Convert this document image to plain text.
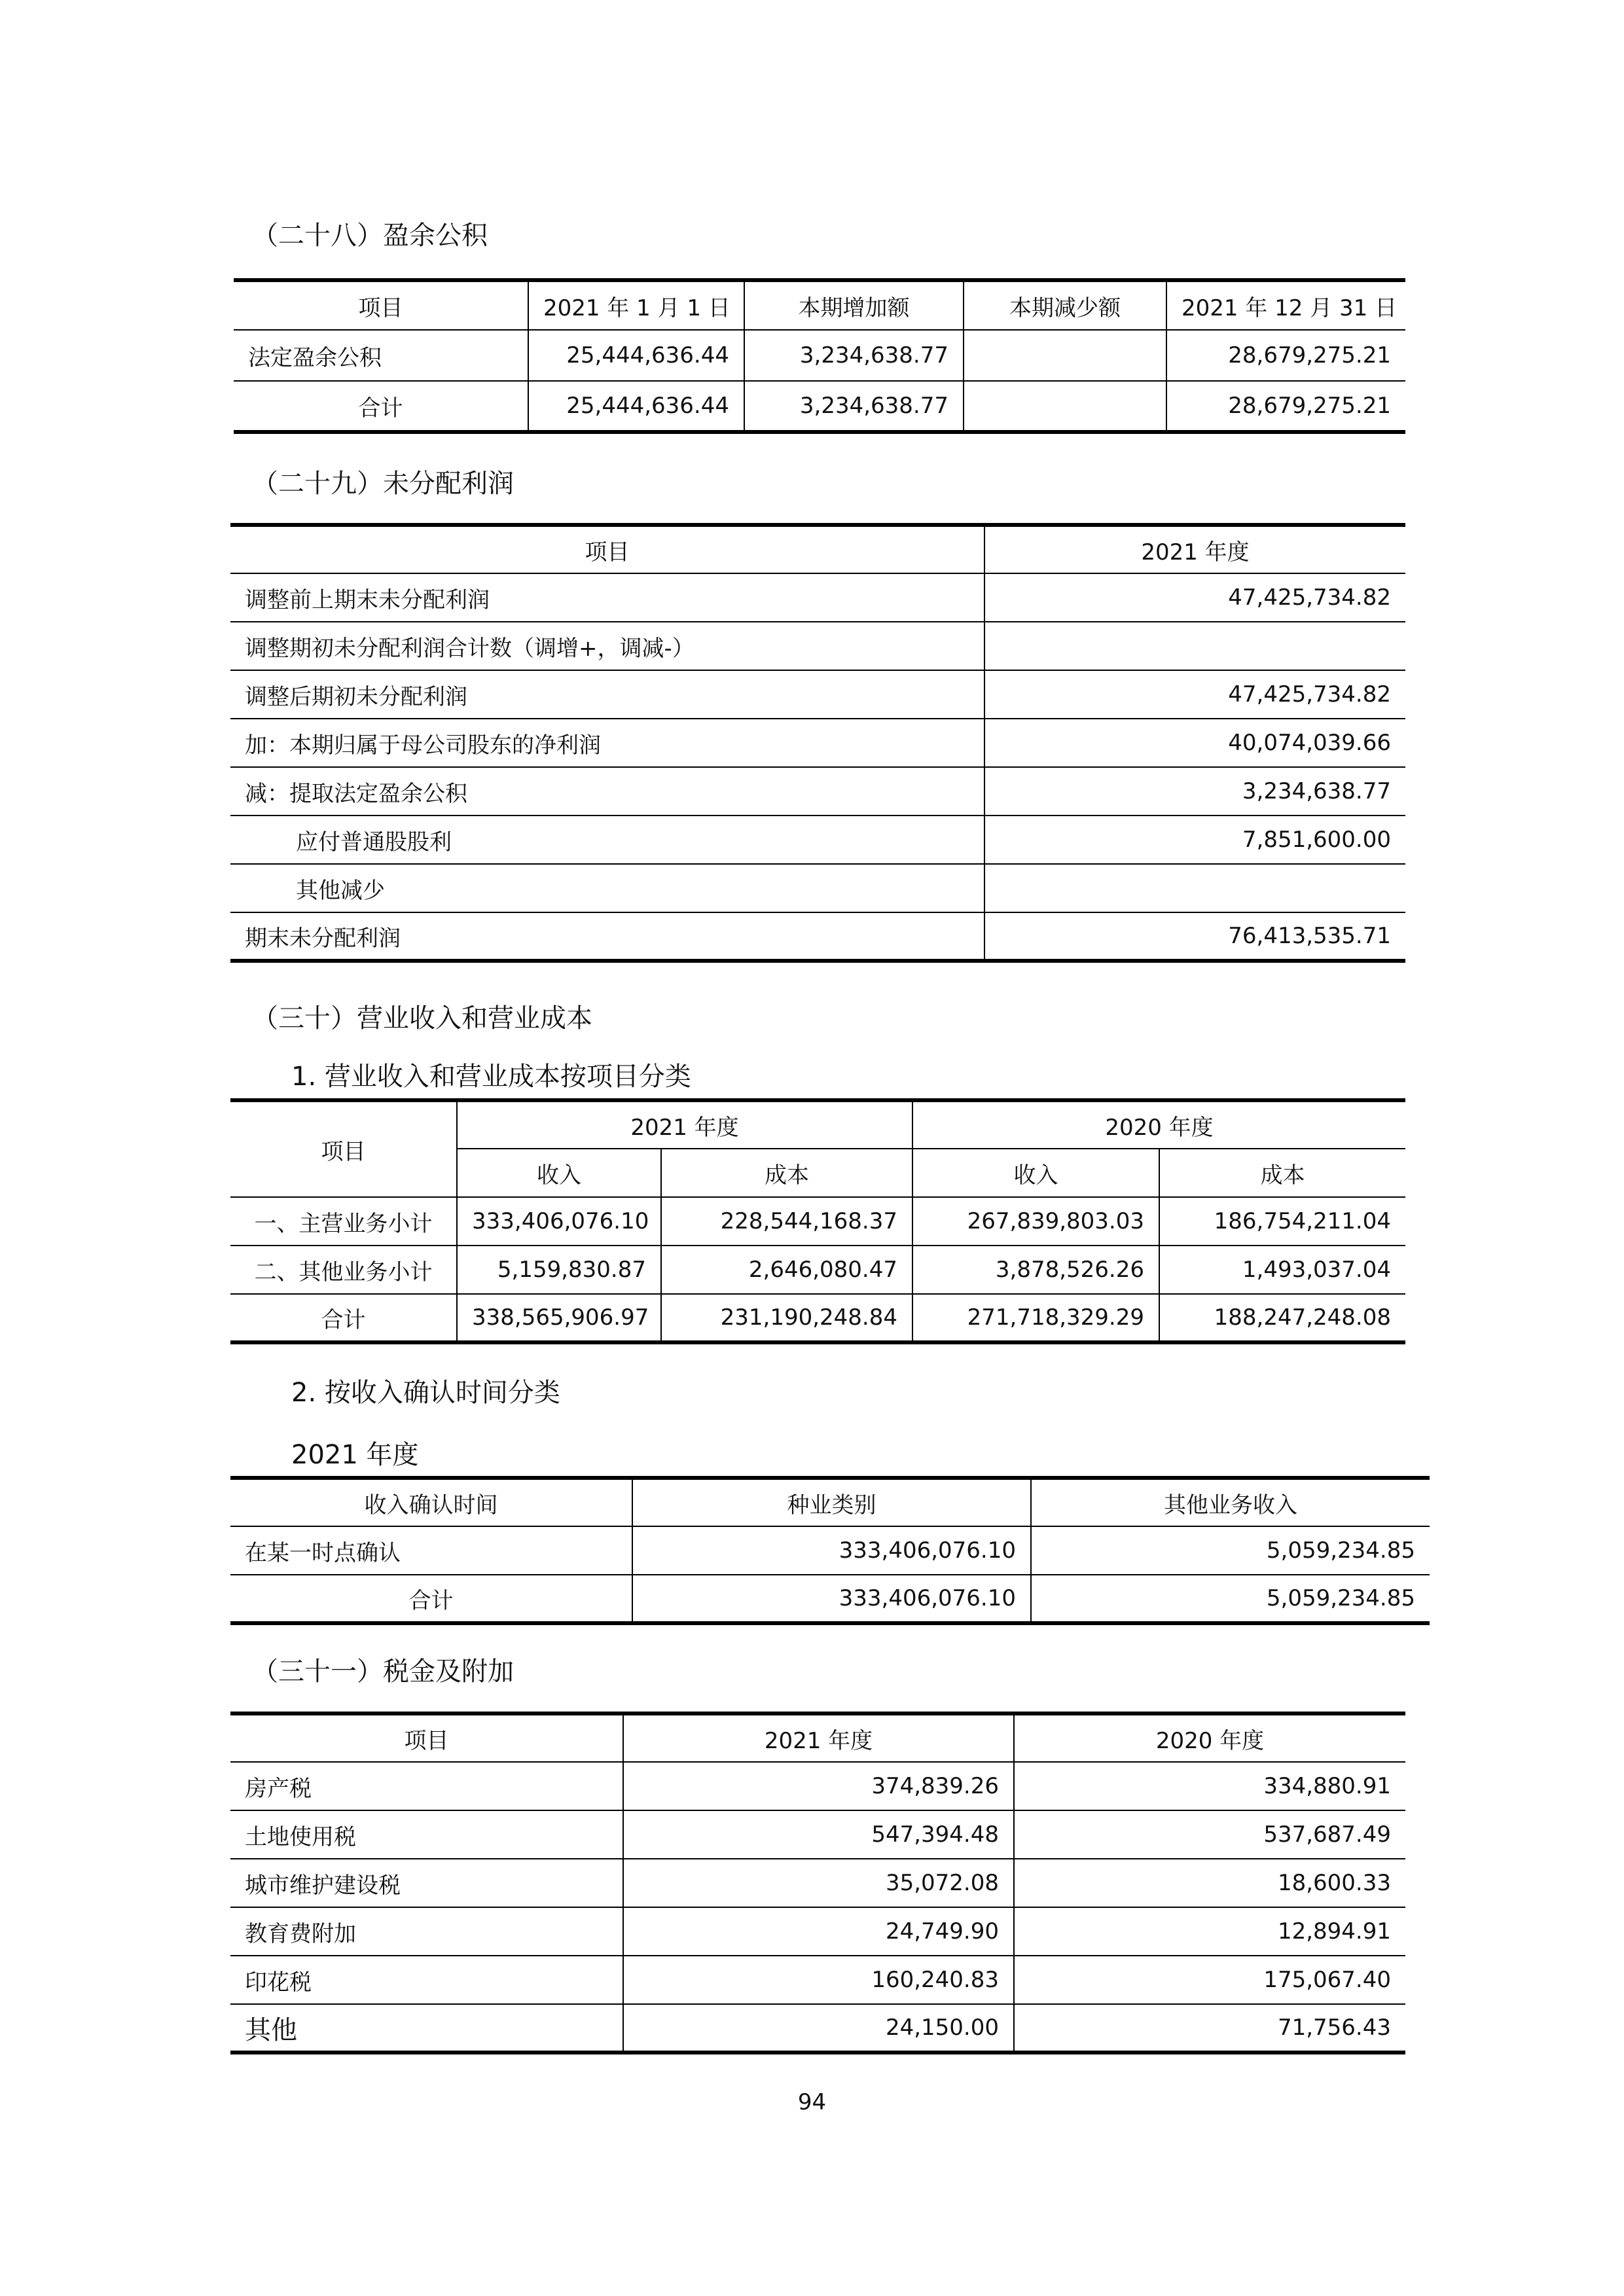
（二十八）盈余公积
项目	2021 年 1 月 1 日	本期增加额	本期减少额	2021 年 12 月 31 日
法定盈余公积	25,444,636.44	3,234,638.77		28,679,275.21
合计	25,444,636.44	3,234,638.77		28,679,275.21
（二十九）未分配利润
项目	2021 年度
调整前上期末未分配利润	47,425,734.82
调整期初未分配利润合计数（调增+，调减-）	
调整后期初未分配利润	47,425,734.82
加：本期归属于母公司股东的净利润	40,074,039.66
减：提取法定盈余公积	3,234,638.77
应付普通股股利	7,851,600.00
其他减少	
期末未分配利润	76,413,535.71
（三十）营业收入和营业成本
1. 营业收入和营业成本按项目分类
项目	2021 年度		2020 年度	
	收入	成本	收入	成本
一、主营业务小计	333,406,076.10	228,544,168.37	267,839,803.03	186,754,211.04
二、其他业务小计	5,159,830.87	2,646,080.47	3,878,526.26	1,493,037.04
合计	338,565,906.97	231,190,248.84	271,718,329.29	188,247,248.08
2. 按收入确认时间分类
2021 年度
收入确认时间	种业类别	其他业务收入
在某一时点确认	333,406,076.10	5,059,234.85
合计	333,406,076.10	5,059,234.85
（三十一）税金及附加
项目	2021 年度	2020 年度
房产税	374,839.26	334,880.91
土地使用税	547,394.48	537,687.49
城市维护建设税	35,072.08	18,600.33
教育费附加	24,749.90	12,894.91
印花税	160,240.83	175,067.40
其他	24,150.00	71,756.43
94
